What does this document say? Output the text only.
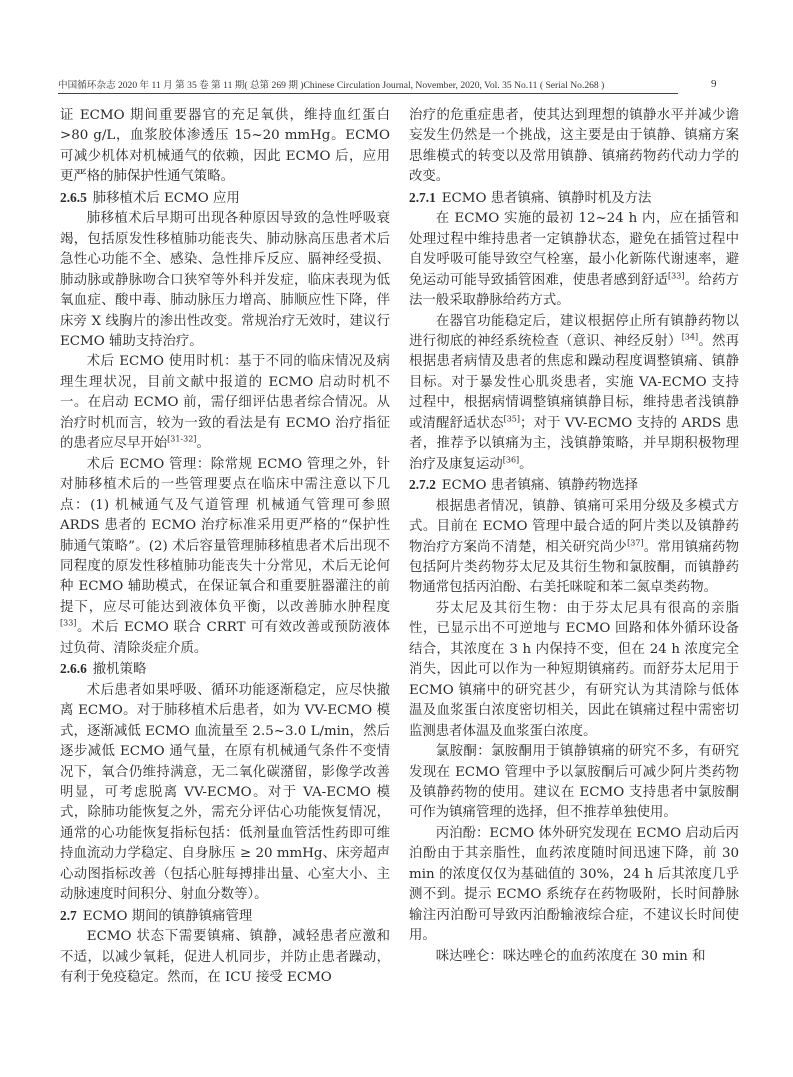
中国循环杂志 2020 年 11 月 第 35 卷 第 11 期( 总第 269 期 )Chinese Circulation Journal, November, 2020, Vol. 35 No.11 ( Serial No.268 )	9

证 ECMO 期间重要器官的充足氧供，维持血红蛋白 >80 g/L，血浆胶体渗透压 15~20 mmHg。ECMO 可减少机体对机械通气的依赖，因此 ECMO 后，应用更严格的肺保护性通气策略。

2.6.5 肺移植术后 ECMO 应用

肺移植术后早期可出现各种原因导致的急性呼吸衰竭，包括原发性移植肺功能丧失、肺动脉高压患者术后急性心功能不全、感染、急性排斥反应、膈神经受损、肺动脉或静脉吻合口狭窄等外科并发症，临床表现为低氧血症、酸中毒、肺动脉压力增高、肺顺应性下降，伴床旁 X 线胸片的渗出性改变。常规治疗无效时，建议行 ECMO 辅助支持治疗。

术后 ECMO 使用时机：基于不同的临床情况及病理生理状况，目前文献中报道的 ECMO 启动时机不一。在启动 ECMO 前，需仔细评估患者综合情况。从治疗时机而言，较为一致的看法是有 ECMO 治疗指征的患者应尽早开始[31-32]。

术后 ECMO 管理：除常规 ECMO 管理之外，针对肺移植术后的一些管理要点在临床中需注意以下几点：(1) 机械通气及气道管理 机械通气管理可参照 ARDS 患者的 ECMO 治疗标准采用更严格的“保护性肺通气策略”。(2) 术后容量管理肺移植患者术后出现不同程度的原发性移植肺功能丧失十分常见，术后无论何种 ECMO 辅助模式，在保证氧合和重要脏器灌注的前提下，应尽可能达到液体负平衡，以改善肺水肿程度[33]。术后 ECMO 联合 CRRT 可有效改善或预防液体过负荷、清除炎症介质。

2.6.6 撤机策略

术后患者如果呼吸、循环功能逐渐稳定，应尽快撤离 ECMO。对于肺移植术后患者，如为 VV-ECMO 模式，逐渐减低 ECMO 血流量至 2.5~3.0 L/min，然后逐步减低 ECMO 通气量，在原有机械通气条件不变情况下，氧合仍维持满意，无二氧化碳潴留，影像学改善明显，可考虑脱离 VV-ECMO。对于 VA-ECMO 模式，除肺功能恢复之外，需充分评估心功能恢复情况，通常的心功能恢复指标包括：低剂量血管活性药即可维持血流动力学稳定、自身脉压 ≥ 20 mmHg、床旁超声心动图指标改善（包括心脏每搏排出量、心室大小、主动脉速度时间积分、射血分数等）。

2.7 ECMO 期间的镇静镇痛管理

ECMO 状态下需要镇痛、镇静，减轻患者应激和不适，以减少氧耗，促进人机同步，并防止患者躁动，有利于免疫稳定。然而，在 ICU 接受 ECMO

治疗的危重症患者，使其达到理想的镇静水平并减少谵妄发生仍然是一个挑战，这主要是由于镇静、镇痛方案思维模式的转变以及常用镇静、镇痛药物药代动力学的改变。

2.7.1 ECMO 患者镇痛、镇静时机及方法

在 ECMO 实施的最初 12~24 h 内，应在插管和处理过程中维持患者一定镇静状态，避免在插管过程中自发呼吸可能导致空气栓塞，最小化新陈代谢速率，避免运动可能导致插管困难，使患者感到舒适[33]。给药方法一般采取静脉给药方式。

在器官功能稳定后，建议根据停止所有镇静药物以进行彻底的神经系统检查（意识、神经反射）[34]。然再根据患者病情及患者的焦虑和躁动程度调整镇痛、镇静目标。对于暴发性心肌炎患者，实施 VA-ECMO 支持过程中，根据病情调整镇痛镇静目标，维持患者浅镇静或清醒舒适状态[35]；对于 VV-ECMO 支持的 ARDS 患者，推荐予以镇痛为主，浅镇静策略，并早期积极物理治疗及康复运动[36]。

2.7.2 ECMO 患者镇痛、镇静药物选择

根据患者情况，镇静、镇痛可采用分级及多模式方式。目前在 ECMO 管理中最合适的阿片类以及镇静药物治疗方案尚不清楚，相关研究尚少[37]。常用镇痛药物包括阿片类药物芬太尼及其衍生物和氯胺酮，而镇静药物通常包括丙泊酚、右美托咪啶和苯二氮卓类药物。

芬太尼及其衍生物：由于芬太尼具有很高的亲脂性，已显示出不可逆地与 ECMO 回路和体外循环设备结合，其浓度在 3 h 内保持不变，但在 24 h 浓度完全消失，因此可以作为一种短期镇痛药。而舒芬太尼用于 ECMO 镇痛中的研究甚少，有研究认为其清除与低体温及血浆蛋白浓度密切相关，因此在镇痛过程中需密切监测患者体温及血浆蛋白浓度。

氯胺酮：氯胺酮用于镇静镇痛的研究不多，有研究发现在 ECMO 管理中予以氯胺酮后可减少阿片类药物及镇静药物的使用。建议在 ECMO 支持患者中氯胺酮可作为镇痛管理的选择，但不推荐单独使用。

丙泊酚：ECMO 体外研究发现在 ECMO 启动后丙泊酚由于其亲脂性，血药浓度随时间迅速下降，前 30 min 的浓度仅仅为基础值的 30%，24 h 后其浓度几乎测不到。提示 ECMO 系统存在药物吸附，长时间静脉输注丙泊酚可导致丙泊酚输液综合症，不建议长时间使用。

咪达唑仑：咪达唑仑的血药浓度在 30 min 和
